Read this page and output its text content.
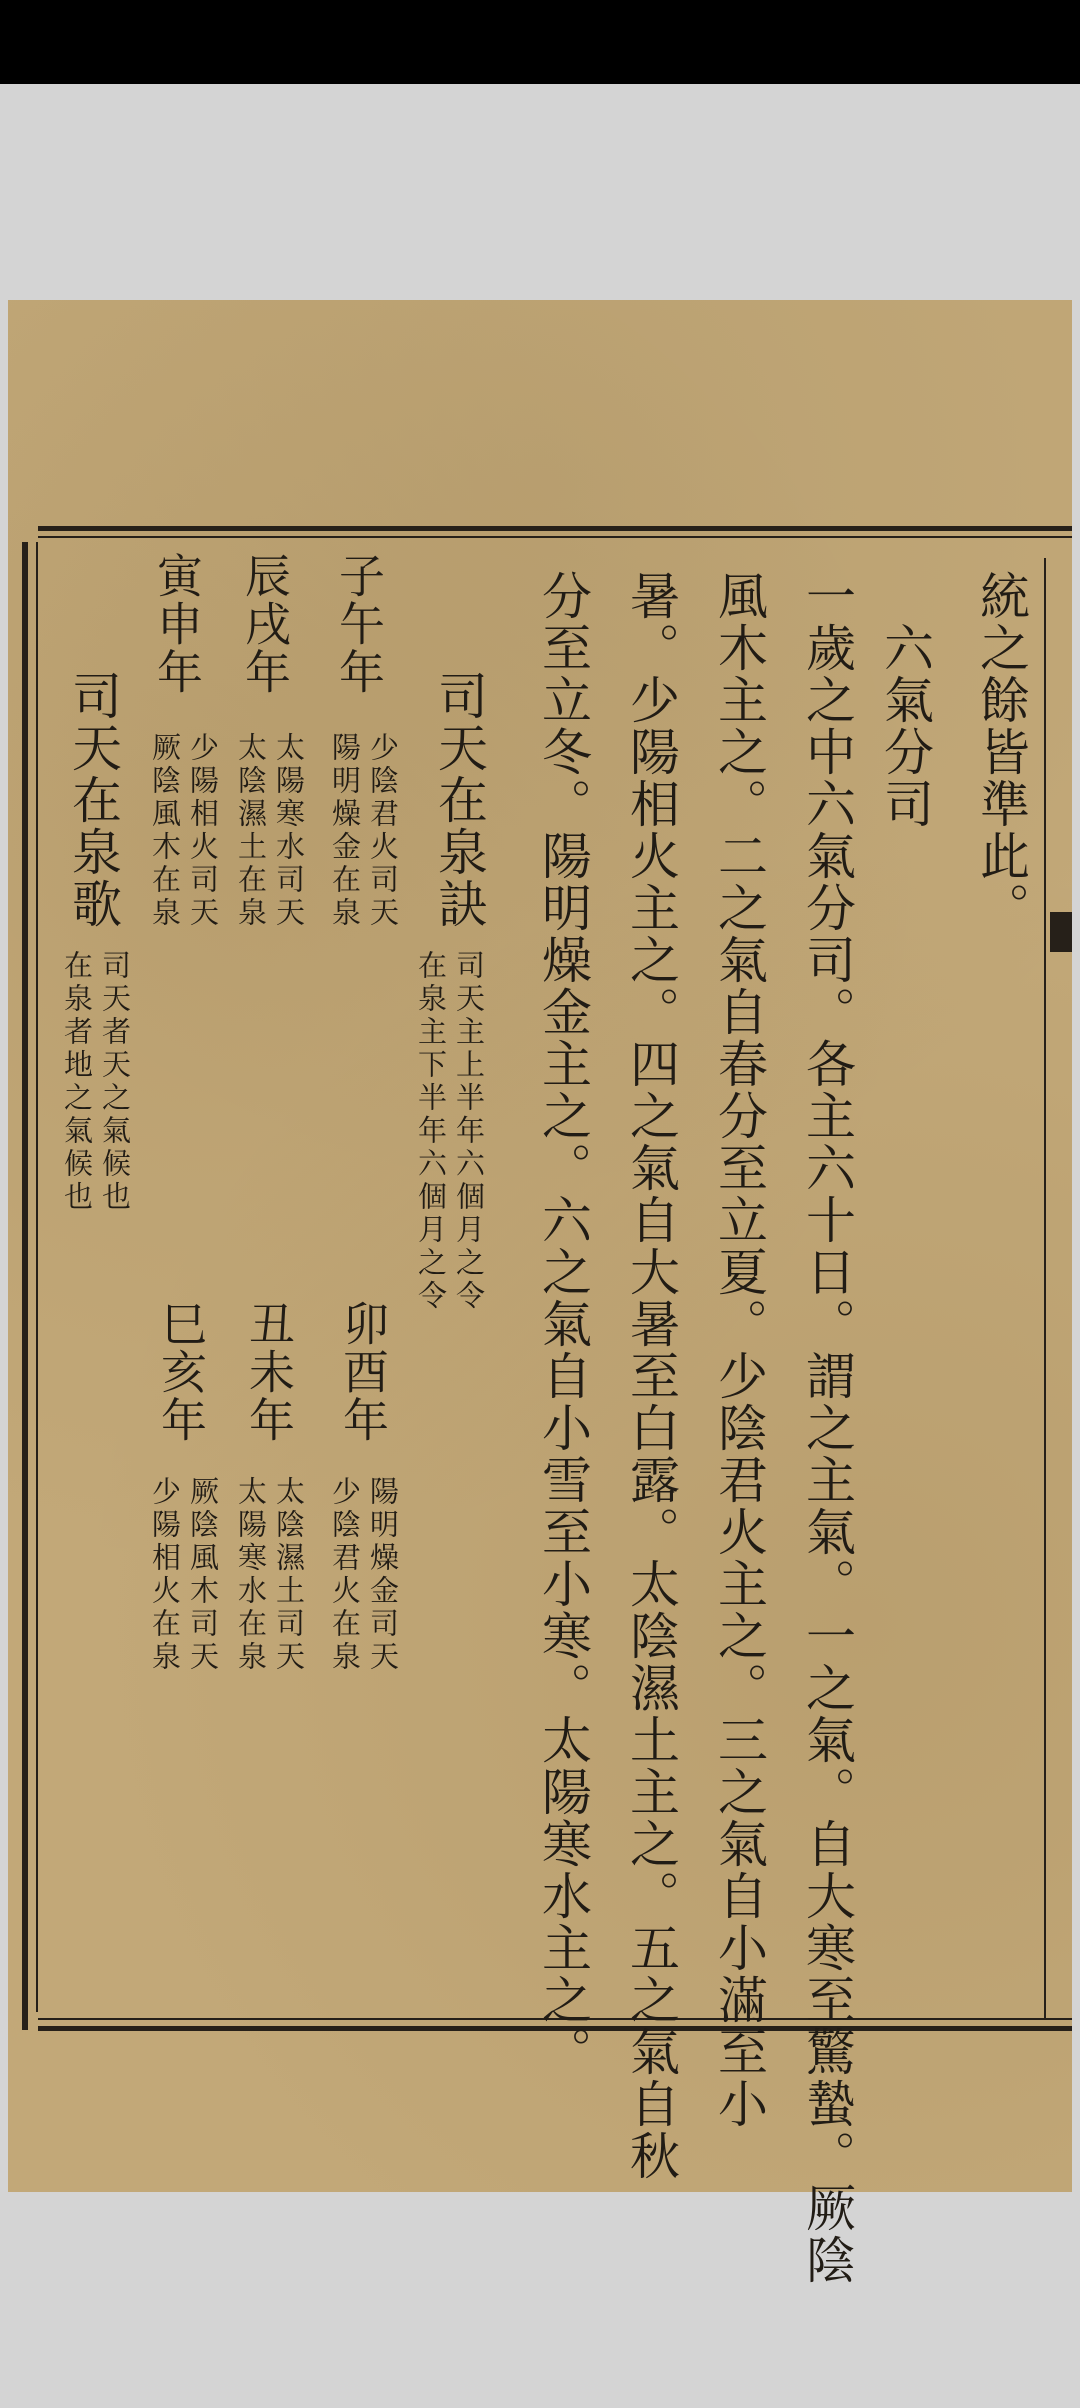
統之餘皆準此。
六氣分司
一歲之中六氣分司。各主六十日。謂之主氣。一之氣。自大寒至驚蟄。厥陰
風木主之。二之氣自春分至立夏。少陰君火主之。三之氣自小滿至小
暑。少陽相火主之。四之氣自大暑至白露。太陰濕土主之。五之氣自秋
分至立冬。陽明燥金主之。六之氣自小雪至小寒。太陽寒水主之。
司天在泉訣
司天主上半年六個月之令
在泉主下半年六個月之令
子午年
少陰君火司天
陽明燥金在泉
辰戌年
太陽寒水司天
太陰濕土在泉
寅申年
少陽相火司天
厥陰風木在泉
卯酉年
陽明燥金司天
少陰君火在泉
丑未年
太陰濕土司天
太陽寒水在泉
巳亥年
厥陰風木司天
少陽相火在泉
司天在泉歌
司天者天之氣候也
在泉者地之氣候也
